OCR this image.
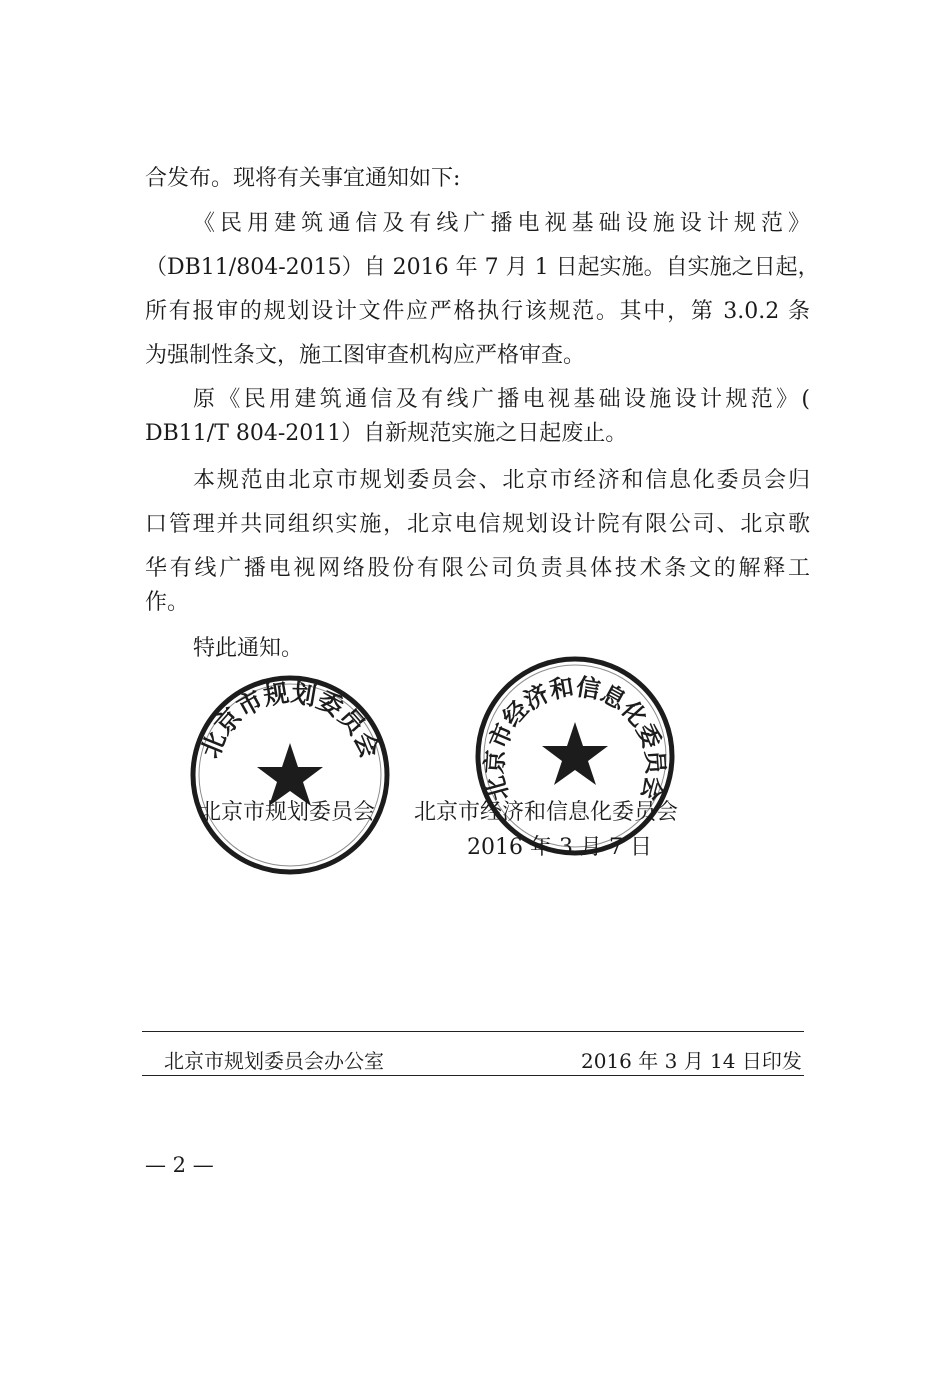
合发布。现将有关事宜通知如下:
《民用建筑通信及有线广播电视基础设施设计规范》
（DB11/804-2015）自 2016 年 7 月 1 日起实施。自实施之日起，
所有报审的规划设计文件应严格执行该规范。其中，第 3.0.2 条
为强制性条文，施工图审查机构应严格审查。
原《民用建筑通信及有线广播电视基础设施设计规范》(
DB11/T 804-2011）自新规范实施之日起废止。
本规范由北京市规划委员会、北京市经济和信息化委员会归
口管理并共同组织实施，北京电信规划设计院有限公司、北京歌
华有线广播电视网络股份有限公司负责具体技术条文的解释工
作。
特此通知。
北京市规划委员会
北京市经济和信息化委员会
北京市规划委员会 北京市经济和信息化委员会
2016 年 3 月 7 日
北京市规划委员会办公室	2016 年 3 月 14 日印发
— 2 —
